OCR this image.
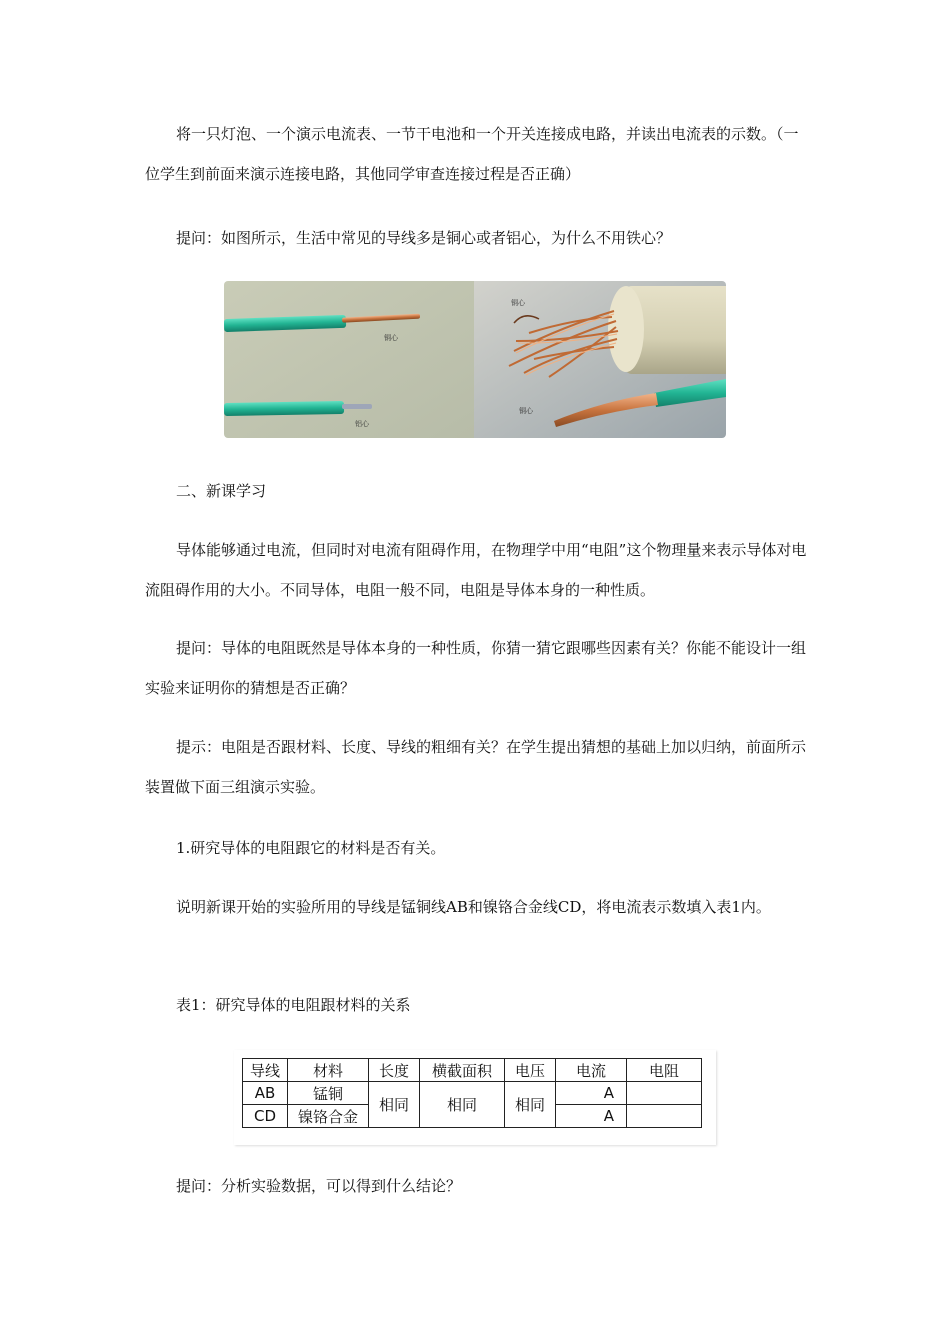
将一只灯泡、一个演示电流表、一节干电池和一个开关连接成电路，并读出电流表的示数。（一位学生到前面来演示连接电路，其他同学审查连接过程是否正确）

提问：如图所示，生活中常见的导线多是铜心或者铝心，为什么不用铁心？

铜心
铝心
铜心
铜心

二、新课学习

导体能够通过电流，但同时对电流有阻碍作用，在物理学中用“电阻”这个物理量来表示导体对电流阻碍作用的大小。不同导体，电阻一般不同，电阻是导体本身的一种性质。

提问：导体的电阻既然是导体本身的一种性质，你猜一猜它跟哪些因素有关？你能不能设计一组实验来证明你的猜想是否正确？

提示：电阻是否跟材料、长度、导线的粗细有关？在学生提出猜想的基础上加以归纳，前面所示装置做下面三组演示实验。

1.研究导体的电阻跟它的材料是否有关。

说明新课开始的实验所用的导线是锰铜线AB和镍铬合金线CD，将电流表示数填入表1内。

表1：研究导体的电阻跟材料的关系

导线	材料	长度	横截面积	电压	电流	电阻
AB	锰铜	相同	相同	相同	A	
CD	镍铬合金				A	

提问：分析实验数据，可以得到什么结论？
